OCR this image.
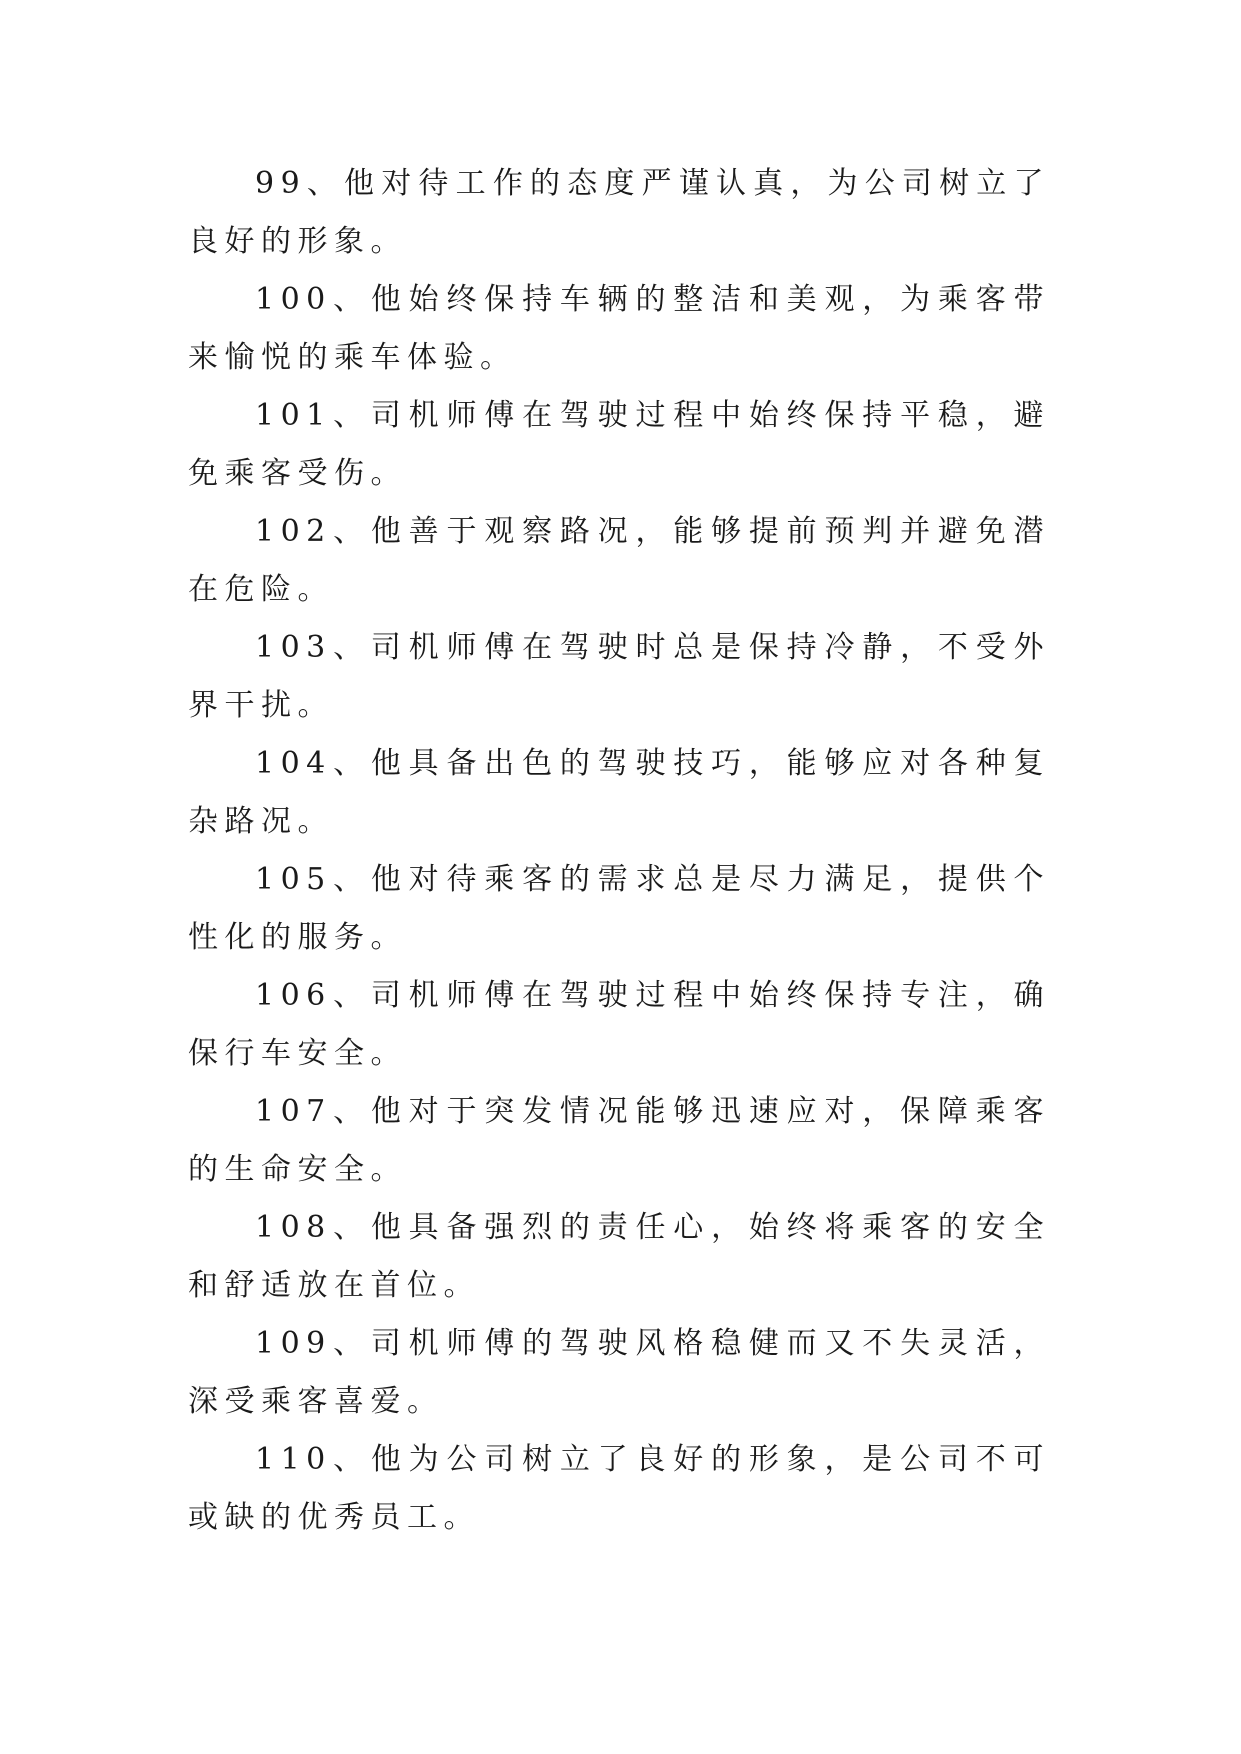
99、他对待工作的态度严谨认真，为公司树立了良好的形象。

100、他始终保持车辆的整洁和美观，为乘客带来愉悦的乘车体验。

101、司机师傅在驾驶过程中始终保持平稳，避免乘客受伤。

102、他善于观察路况，能够提前预判并避免潜在危险。

103、司机师傅在驾驶时总是保持冷静，不受外界干扰。

104、他具备出色的驾驶技巧，能够应对各种复杂路况。

105、他对待乘客的需求总是尽力满足，提供个性化的服务。

106、司机师傅在驾驶过程中始终保持专注，确保行车安全。

107、他对于突发情况能够迅速应对，保障乘客的生命安全。

108、他具备强烈的责任心，始终将乘客的安全和舒适放在首位。

109、司机师傅的驾驶风格稳健而又不失灵活，深受乘客喜爱。

110、他为公司树立了良好的形象，是公司不可或缺的优秀员工。
